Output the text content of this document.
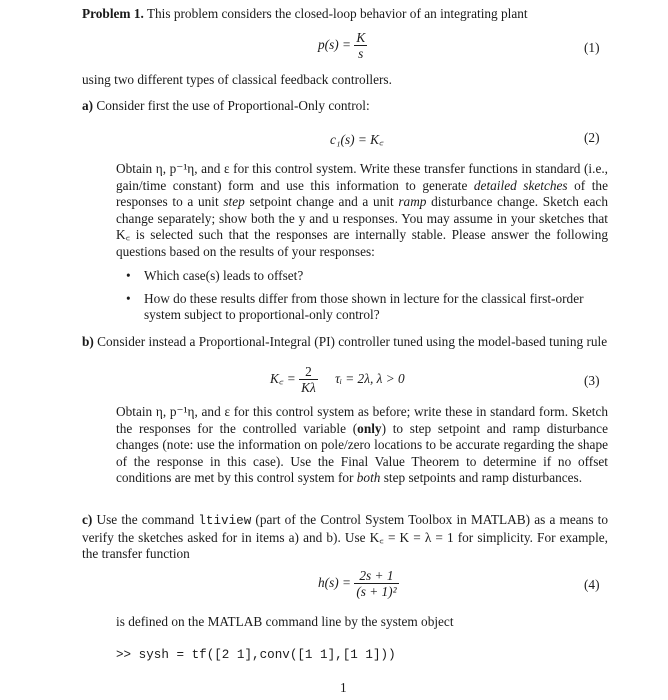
Problem 1. This problem considers the closed-loop behavior of an integrating plant
$p(s) = \frac{K}{s}$	(1)
using two different types of classical feedback controllers.
a) Consider first the use of Proportional-Only control:
c₁(s) = K꜀	(2)
Obtain η, p⁻¹η, and ε for this control system. Write these transfer functions in standard (i.e., gain/time constant) form and use this information to generate detailed sketches of the responses to a unit step setpoint change and a unit ramp disturbance change. Sketch each change separately; show both the y and u responses. You may assume in your sketches that K꜀ is selected such that the responses are internally stable. Please answer the following questions based on the results of your responses:
• Which case(s) leads to offset?
• How do these results differ from those shown in lecture for the classical first-order system subject to proportional-only control?
b) Consider instead a Proportional-Integral (PI) controller tuned using the model-based tuning rule
K꜀ = $\frac{2}{K\lambda}$ τᵢ = 2λ, λ > 0	(3)
Obtain η, p⁻¹η, and ε for this control system as before; write these in standard form. Sketch the responses for the controlled variable (only) to step setpoint and ramp disturbance changes (note: use the information on pole/zero locations to be accurate regarding the shape of the response in this case). Use the Final Value Theorem to determine if no offset conditions are met by this control system for both step setpoints and ramp disturbances.
c) Use the command ltiview (part of the Control System Toolbox in MATLAB) as a means to verify the sketches asked for in items a) and b). Use K꜀ = K = λ = 1 for simplicity. For example, the transfer function
$h(s) = \frac{2s + 1}{\text{(s + 1)²}}$	(4)
is defined on the MATLAB command line by the system object
>> sysh = tf([2 1],conv([1 1],[1 1]))
1
